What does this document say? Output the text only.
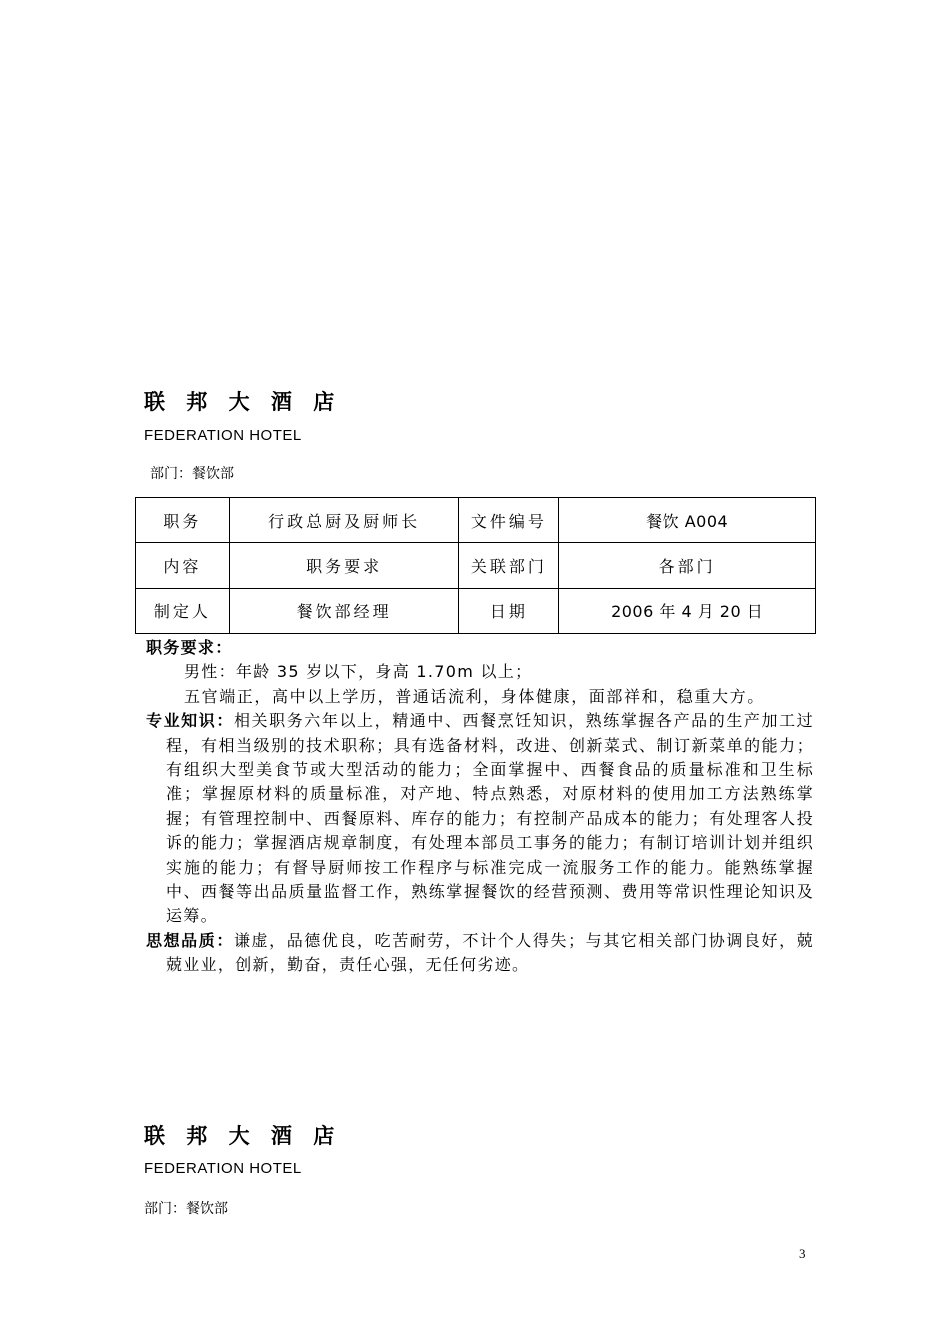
联 邦 大 酒 店
FEDERATION HOTEL
部门：餐饮部
职务	行政总厨及厨师长	文件编号	餐饮 A004
内容	职务要求	关联部门	各部门
制定人	餐饮部经理	日期	2006 年 4 月 20 日

职务要求：

男性：年龄 35 岁以下，身高 1.70m 以上；

五官端正，高中以上学历，普通话流利，身体健康，面部祥和，稳重大方。

专业知识：相关职务六年以上，精通中、西餐烹饪知识，熟练掌握各产品的生产加工过程，有相当级别的技术职称；具有选备材料，改进、创新菜式、制订新菜单的能力；有组织大型美食节或大型活动的能力；全面掌握中、西餐食品的质量标准和卫生标准；掌握原材料的质量标准，对产地、特点熟悉，对原材料的使用加工方法熟练掌握；有管理控制中、西餐原料、库存的能力；有控制产品成本的能力；有处理客人投诉的能力；掌握酒店规章制度，有处理本部员工事务的能力；有制订培训计划并组织实施的能力；有督导厨师按工作程序与标准完成一流服务工作的能力。能熟练掌握中、西餐等出品质量监督工作，熟练掌握餐饮的经营预测、费用等常识性理论知识及运筹。

思想品质：谦虚，品德优良，吃苦耐劳，不计个人得失；与其它相关部门协调良好，兢兢业业，创新，勤奋，责任心强，无任何劣迹。

联 邦 大 酒 店
FEDERATION HOTEL
部门：餐饮部
3
